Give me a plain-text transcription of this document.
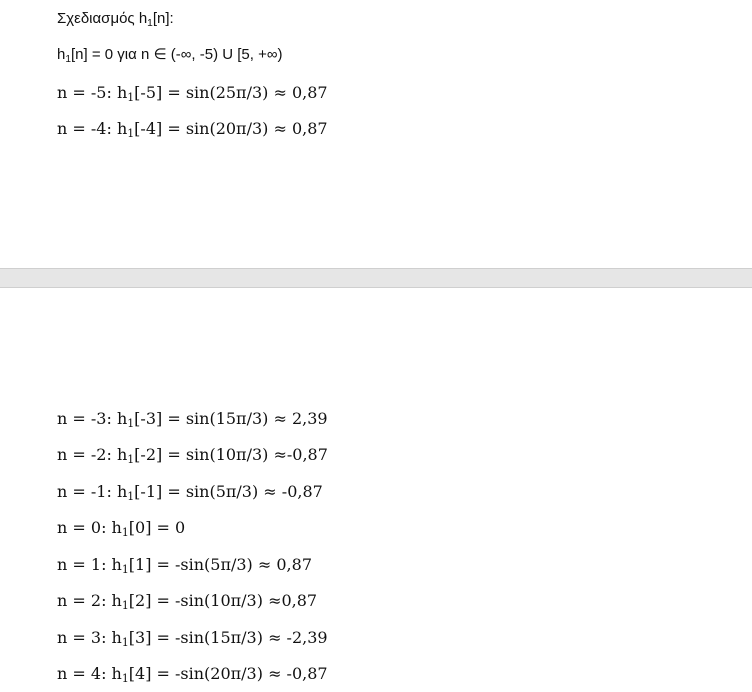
Σχεδιασμός h1[n]:
h1[n] = 0 για n ∈ (-∞, -5) U [5, +∞)
n = -5: h1[-5] = sin(25π/3) ≈ 0,87
n = -4: h1[-4] = sin(20π/3) ≈ 0,87
n = -3: h1[-3] = sin(15π/3) ≈ 2,39
n = -2: h1[-2] = sin(10π/3) ≈-0,87
n = -1: h1[-1] = sin(5π/3) ≈ -0,87
n = 0: h1[0] = 0
n = 1: h1[1] = -sin(5π/3) ≈ 0,87
n = 2: h1[2] = -sin(10π/3) ≈0,87
n = 3: h1[3] = -sin(15π/3) ≈ -2,39
n = 4: h1[4] = -sin(20π/3) ≈ -0,87
